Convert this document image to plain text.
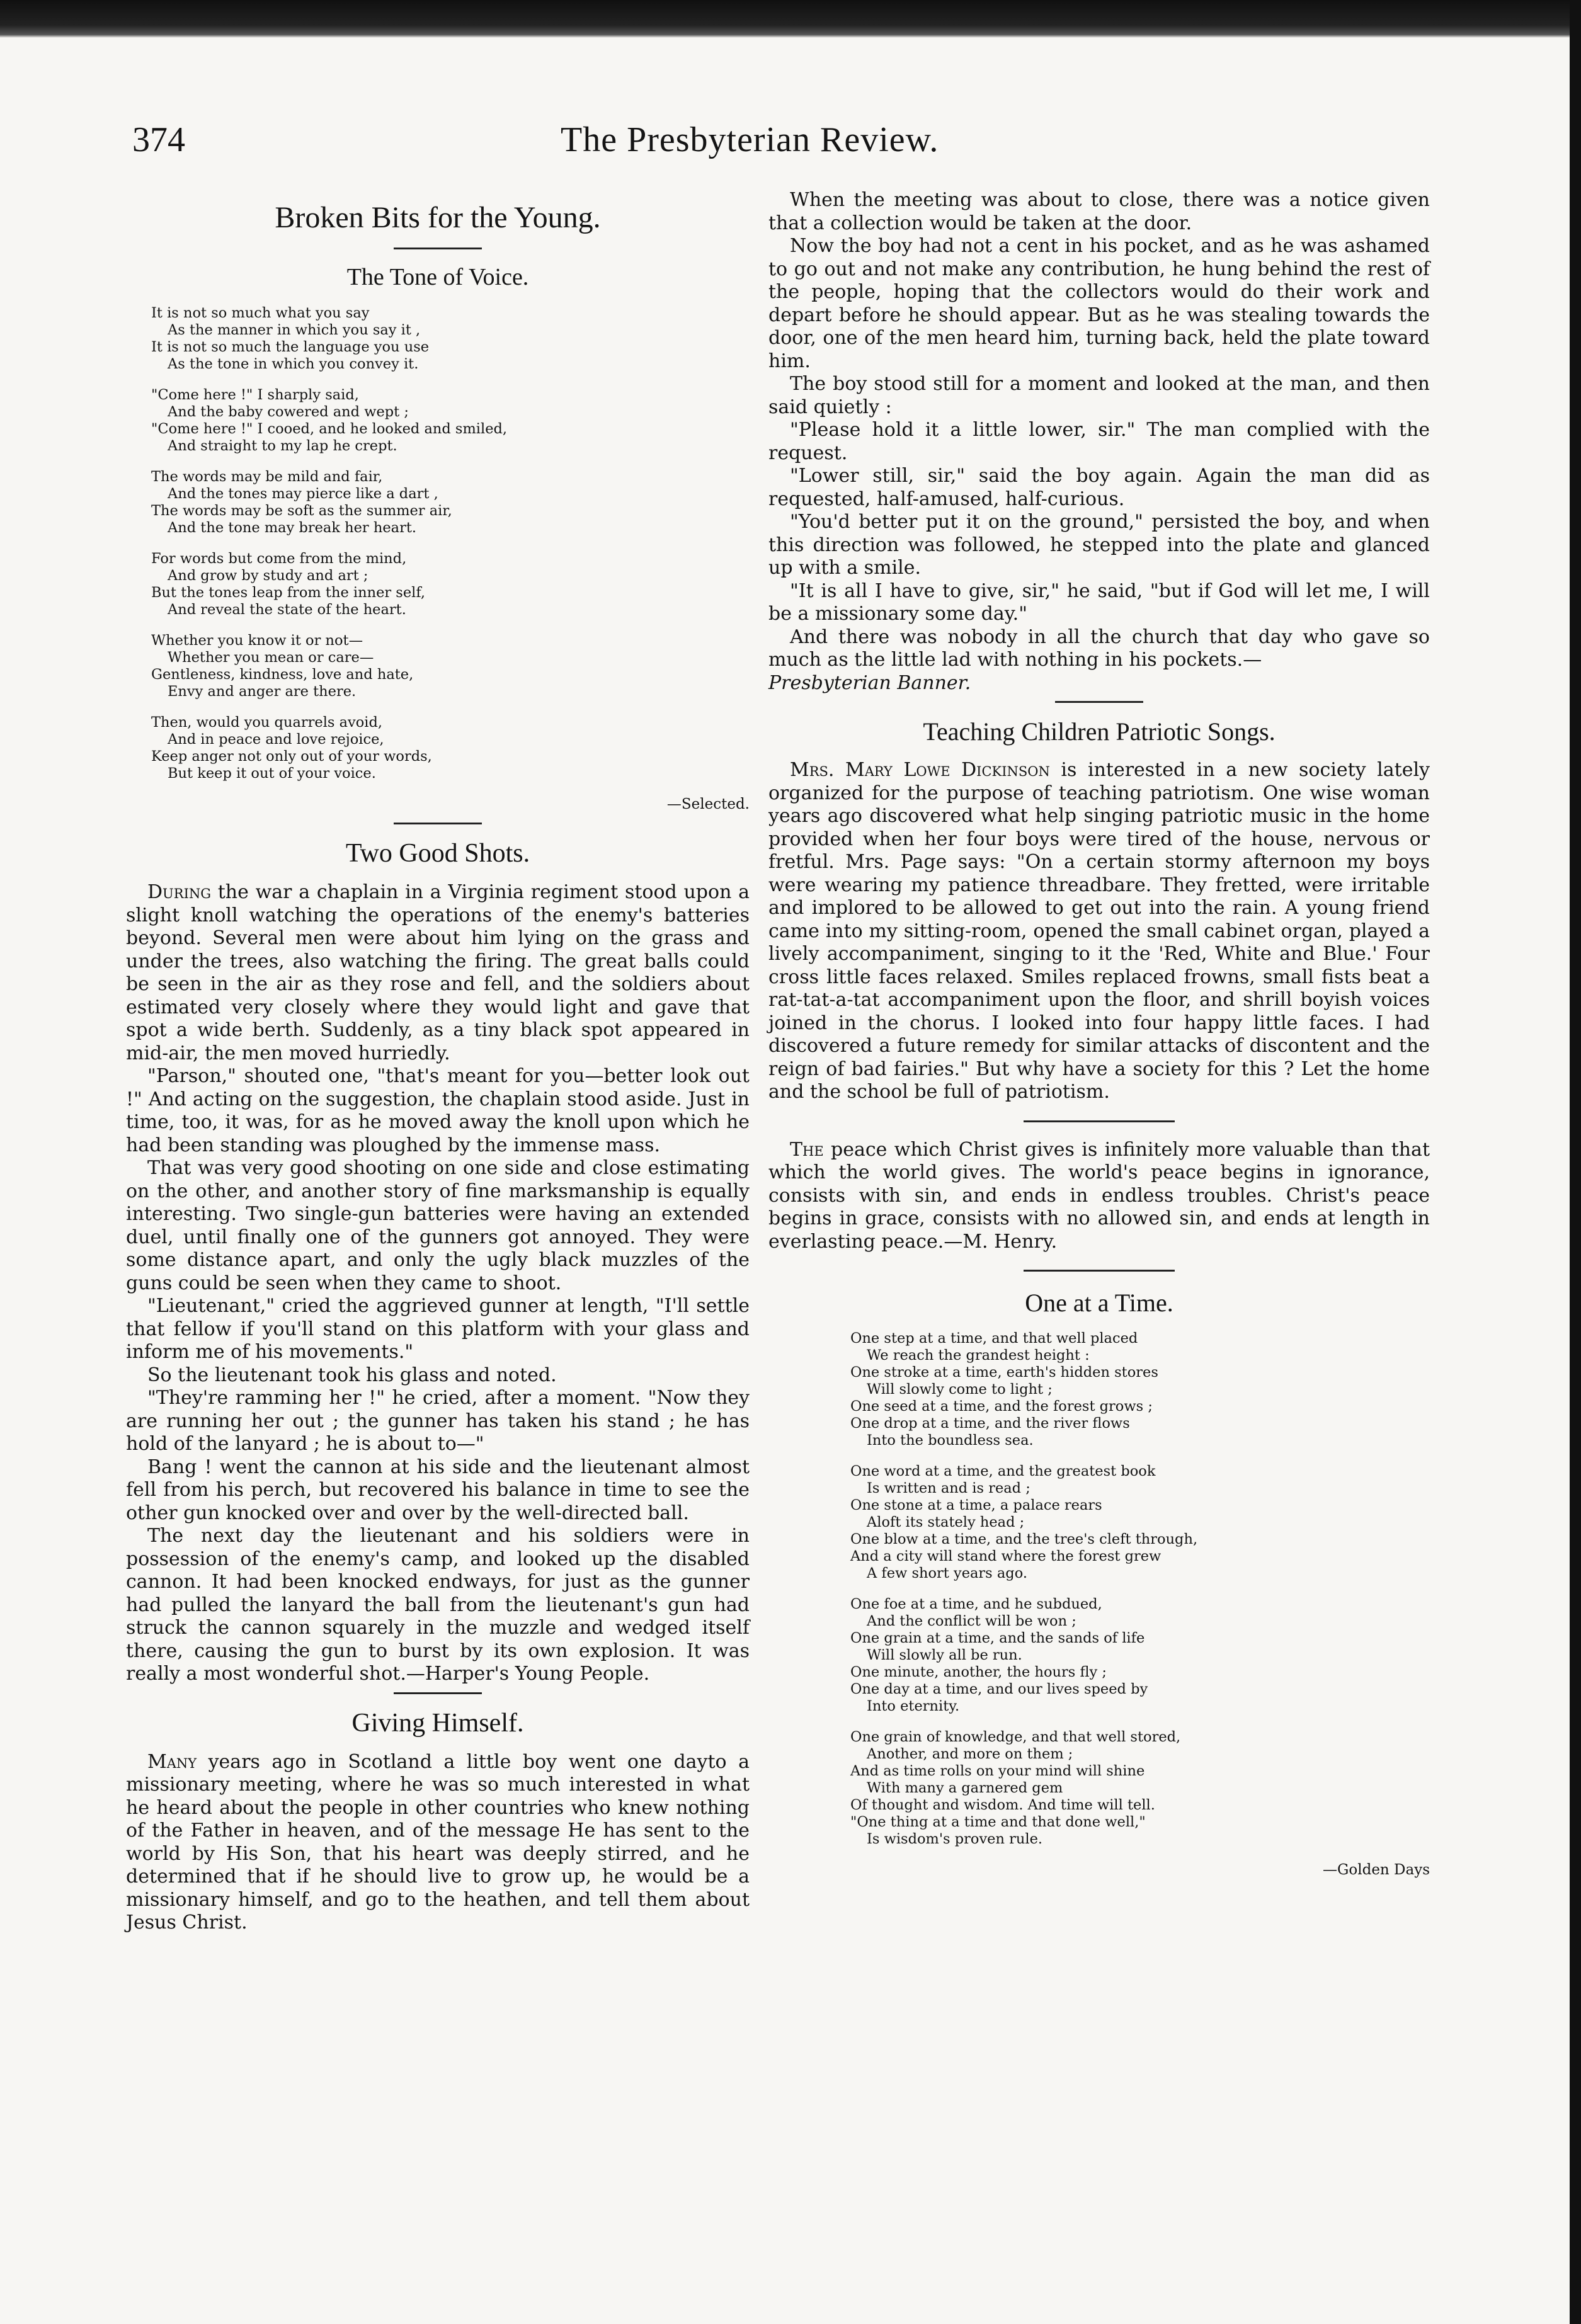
374	The Presbyterian Review.
Broken Bits for the Young.
The Tone of Voice.
It is not so much what you say
As the manner in which you say it ,
It is not so much the language you use
As the tone in which you convey it.
"Come here !" I sharply said,
And the baby cowered and wept ;
"Come here !" I cooed, and he looked and smiled,
And straight to my lap he crept.
The words may be mild and fair,
And the tones may pierce like a dart ,
The words may be soft as the summer air,
And the tone may break her heart.
For words but come from the mind,
And grow by study and art ;
But the tones leap from the inner self,
And reveal the state of the heart.
Whether you know it or not—
Whether you mean or care—
Gentleness, kindness, love and hate,
Envy and anger are there.
Then, would you quarrels avoid,
And in peace and love rejoice,
Keep anger not only out of your words,
But keep it out of your voice.
—Selected.
Two Good Shots.

During the war a chaplain in a Virginia regiment stood upon a slight knoll watching the operations of the enemy's batteries beyond. Several men were about him lying on the grass and under the trees, also watching the firing. The great balls could be seen in the air as they rose and fell, and the soldiers about estimated very closely where they would light and gave that spot a wide berth. Suddenly, as a tiny black spot appeared in mid-air, the men moved hurriedly.

"Parson," shouted one, "that's meant for you—better look out !" And acting on the suggestion, the chaplain stood aside. Just in time, too, it was, for as he moved away the knoll upon which he had been standing was ploughed by the immense mass.

That was very good shooting on one side and close estimating on the other, and another story of fine marksmanship is equally interesting. Two single-gun batteries were having an extended duel, until finally one of the gunners got annoyed. They were some distance apart, and only the ugly black muzzles of the guns could be seen when they came to shoot.

"Lieutenant," cried the aggrieved gunner at length, "I'll settle that fellow if you'll stand on this platform with your glass and inform me of his movements."

So the lieutenant took his glass and noted.

"They're ramming her !" he cried, after a moment. "Now they are running her out ; the gunner has taken his stand ; he has hold of the lanyard ; he is about to—"

Bang ! went the cannon at his side and the lieutenant almost fell from his perch, but recovered his balance in time to see the other gun knocked over and over by the well-directed ball.

The next day the lieutenant and his soldiers were in possession of the enemy's camp, and looked up the disabled cannon. It had been knocked endways, for just as the gunner had pulled the lanyard the ball from the lieutenant's gun had struck the cannon squarely in the muzzle and wedged itself there, causing the gun to burst by its own explosion. It was really a most wonderful shot.—Harper's Young People.

Giving Himself.

Many years ago in Scotland a little boy went one dayto a missionary meeting, where he was so much interested in what he heard about the people in other countries who knew nothing of the Father in heaven, and of the message He has sent to the world by His Son, that his heart was deeply stirred, and he determined that if he should live to grow up, he would be a missionary himself, and go to the heathen, and tell them about Jesus Christ.

When the meeting was about to close, there was a notice given that a collection would be taken at the door.

Now the boy had not a cent in his pocket, and as he was ashamed to go out and not make any contribution, he hung behind the rest of the people, hoping that the collectors would do their work and depart before he should appear. But as he was stealing towards the door, one of the men heard him, turning back, held the plate toward him.

The boy stood still for a moment and looked at the man, and then said quietly :

"Please hold it a little lower, sir." The man complied with the request.

"Lower still, sir," said the boy again. Again the man did as requested, half-amused, half-curious.

"You'd better put it on the ground," persisted the boy, and when this direction was followed, he stepped into the plate and glanced up with a smile.

"It is all I have to give, sir," he said, "but if God will let me, I will be a missionary some day."

And there was nobody in all the church that day who gave so much as the little lad with nothing in his pockets.—

Presbyterian Banner.
Teaching Children Patriotic Songs.

Mrs. Mary Lowe Dickinson is interested in a new society lately organized for the purpose of teaching patriotism. One wise woman years ago discovered what help singing patriotic music in the home provided when her four boys were tired of the house, nervous or fretful. Mrs. Page says: "On a certain stormy afternoon my boys were wearing my patience threadbare. They fretted, were irritable and implored to be allowed to get out into the rain. A young friend came into my sitting-room, opened the small cabinet organ, played a lively accompaniment, singing to it the 'Red, White and Blue.' Four cross little faces relaxed. Smiles replaced frowns, small fists beat a rat-tat-a-tat accompaniment upon the floor, and shrill boyish voices joined in the chorus. I looked into four happy little faces. I had discovered a future remedy for similar attacks of discontent and the reign of bad fairies." But why have a society for this ? Let the home and the school be full of patriotism.

The peace which Christ gives is infinitely more valuable than that which the world gives. The world's peace begins in ignorance, consists with sin, and ends in endless troubles. Christ's peace begins in grace, consists with no allowed sin, and ends at length in everlasting peace.—M. Henry.

One at a Time.
One step at a time, and that well placed
We reach the grandest height :
One stroke at a time, earth's hidden stores
Will slowly come to light ;
One seed at a time, and the forest grows ;
One drop at a time, and the river flows
Into the boundless sea.
One word at a time, and the greatest book
Is written and is read ;
One stone at a time, a palace rears
Aloft its stately head ;
One blow at a time, and the tree's cleft through,
And a city will stand where the forest grew
A few short years ago.
One foe at a time, and he subdued,
And the conflict will be won ;
One grain at a time, and the sands of life
Will slowly all be run.
One minute, another, the hours fly ;
One day at a time, and our lives speed by
Into eternity.
One grain of knowledge, and that well stored,
Another, and more on them ;
And as time rolls on your mind will shine
With many a garnered gem
Of thought and wisdom. And time will tell.
"One thing at a time and that done well,"
Is wisdom's proven rule.
—Golden Days
